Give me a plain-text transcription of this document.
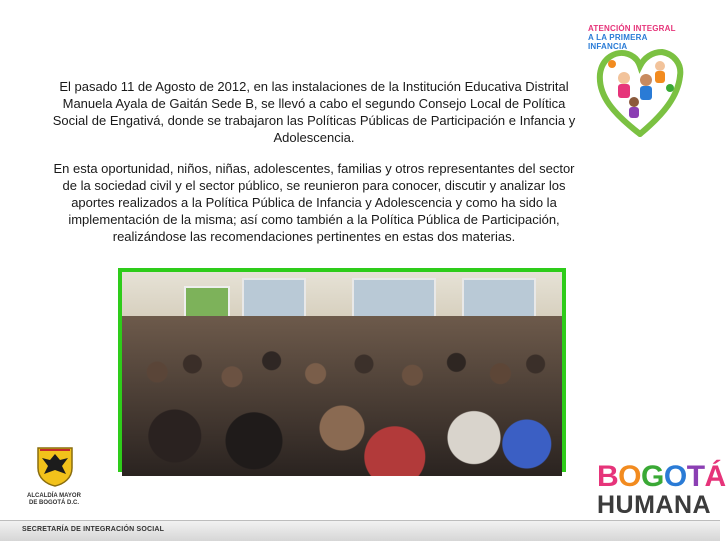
El pasado 11 de Agosto de 2012, en las instalaciones de la Institución Educativa Distrital Manuela Ayala de Gaitán Sede B, se llevó a cabo el segundo Consejo Local de Política Social de Engativá, donde se trabajaron las Políticas Públicas de Participación e Infancia y Adolescencia.

En esta oportunidad, niños, niñas, adolescentes, familias y otros representantes del sector de la sociedad civil y el sector público, se reunieron para conocer, discutir y analizar los aportes realizados a la Política Pública de Infancia y Adolescencia y como ha sido la implementación de la misma; así como también a la Política Pública de Participación, realizándose las recomendaciones pertinentes en estas dos materias.

ATENCIÓN INTEGRAL
A LA PRIMERA INFANCIA
ALCALDÍA MAYOR
DE BOGOTÁ D.C.
BOGOTÁ
HUMANA
SECRETARÍA DE INTEGRACIÓN SOCIAL
